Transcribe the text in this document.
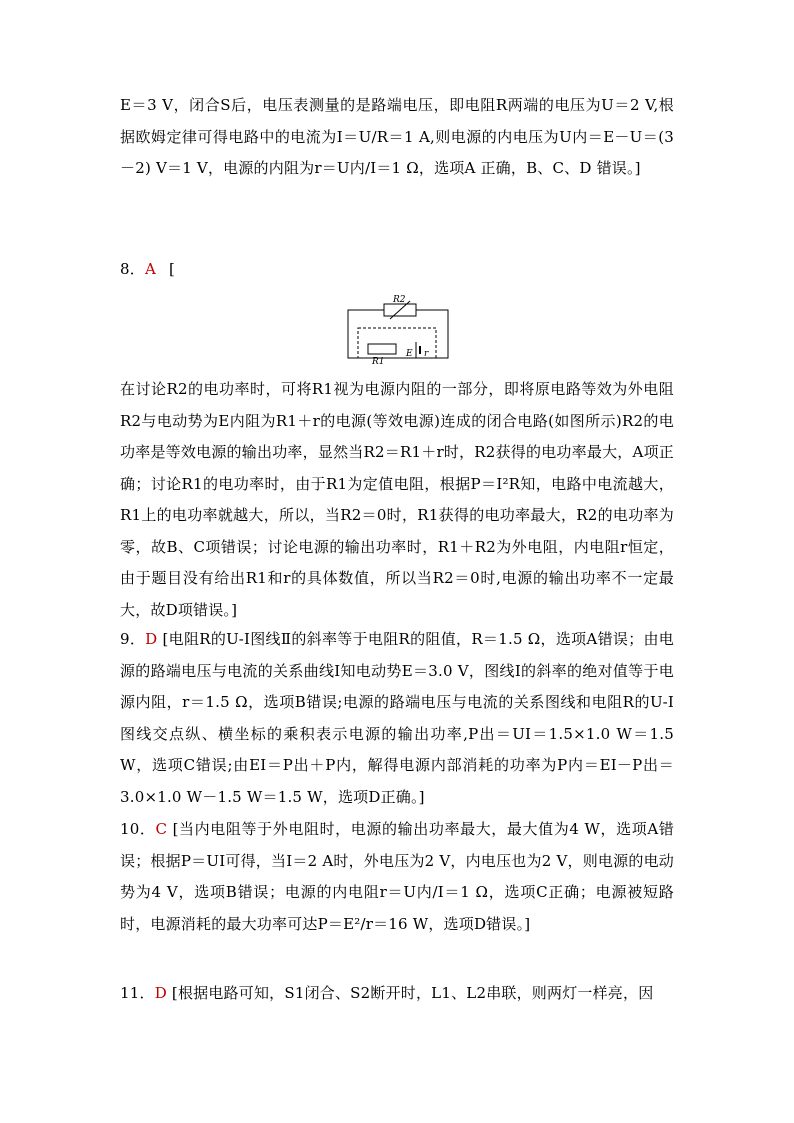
E＝3 V，闭合S后，电压表测量的是路端电压，即电阻R两端的电压为U＝2 V,根据欧姆定律可得电路中的电流为I＝U/R＝1 A,则电源的内电压为U内＝E－U＝(3 －2) V＝1 V，电源的内阻为r＝U内/I＝1 Ω，选项A 正确，B、C、D 错误。]
8．A [
R2
R1
E r
在讨论R2的电功率时，可将R1视为电源内阻的一部分，即将原电路等效为外电阻R2与电动势为E内阻为R1＋r的电源(等效电源)连成的闭合电路(如图所示)R2的电功率是等效电源的输出功率，显然当R2＝R1＋r时，R2获得的电功率最大，A项正确；讨论R1的电功率时，由于R1为定值电阻，根据P＝I²R知，电路中电流越大，R1上的电功率就越大，所以，当R2＝0时，R1获得的电功率最大，R2的电功率为零，故B、C项错误；讨论电源的输出功率时，R1＋R2为外电阻，内电阻r恒定，由于题目没有给出R1和r的具体数值，所以当R2＝0时,电源的输出功率不一定最大，故D项错误。]
9．D [电阻R的U-I图线Ⅱ的斜率等于电阻R的阻值，R＝1.5 Ω，选项A错误；由电源的路端电压与电流的关系曲线Ⅰ知电动势E＝3.0 V，图线Ⅰ的斜率的绝对值等于电源内阻，r＝1.5 Ω，选项B错误;电源的路端电压与电流的关系图线和电阻R的U-I图线交点纵、横坐标的乘积表示电源的输出功率,P出＝UI＝1.5×1.0 W＝1.5 W，选项C错误;由EI＝P出＋P内，解得电源内部消耗的功率为P内＝EI－P出＝3.0×1.0 W－1.5 W＝1.5 W，选项D正确。]
10．C [当内电阻等于外电阻时，电源的输出功率最大，最大值为4 W，选项A错误；根据P＝UI可得，当I＝2 A时，外电压为2 V，内电压也为2 V，则电源的电动势为4 V，选项B错误；电源的内电阻r＝U内/I＝1 Ω，选项C正确；电源被短路时，电源消耗的最大功率可达P＝E²/r＝16 W，选项D错误。]
11．D [根据电路可知，S1闭合、S2断开时，L1、L2串联，则两灯一样亮，因
